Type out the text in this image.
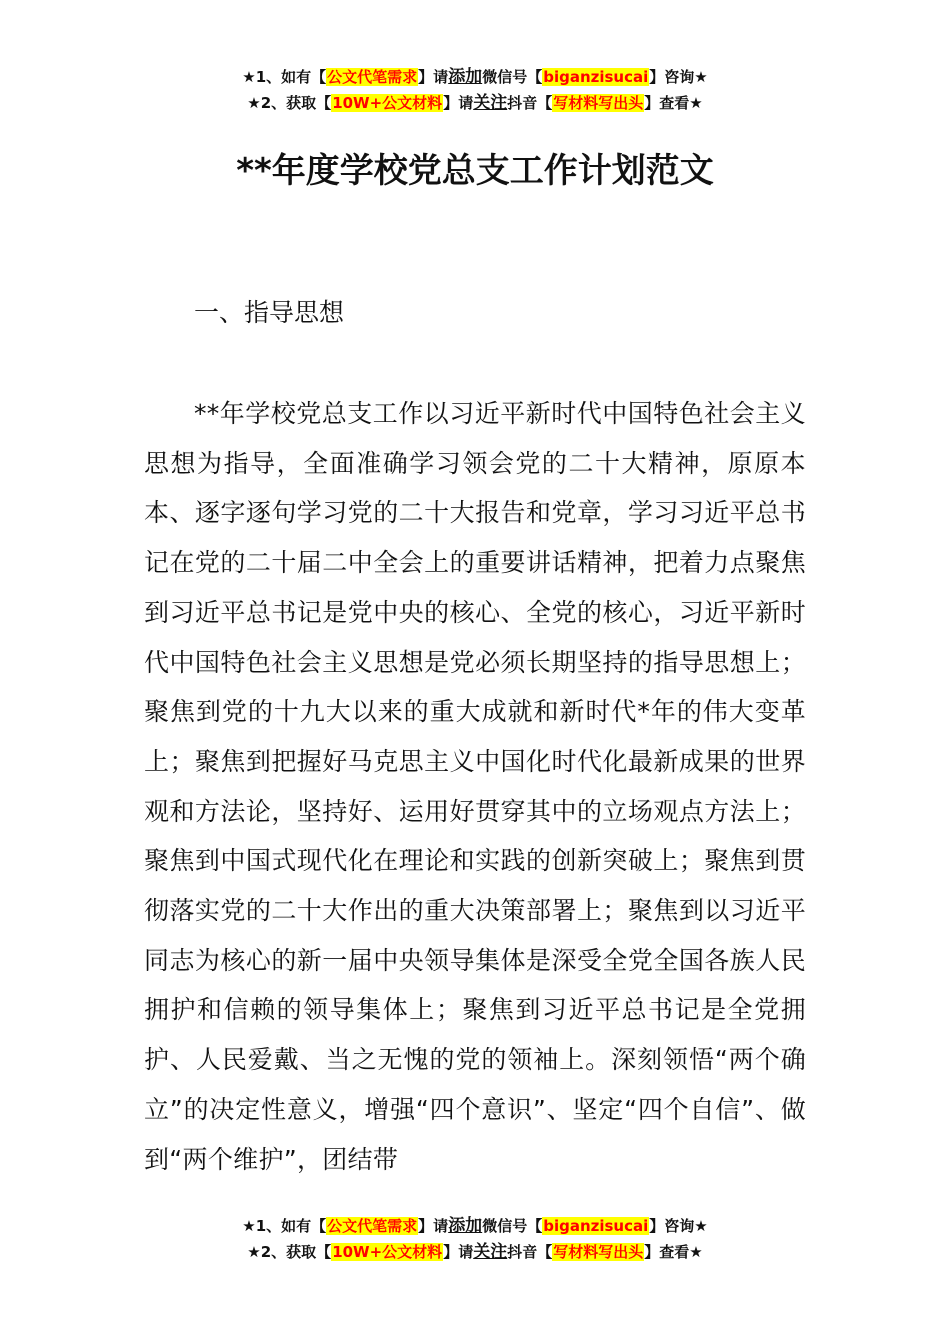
★1、如有【公文代笔需求】请添加微信号【biganzisucai】咨询★
★2、获取【10W+公文材料】请关注抖音【写材料写出头】查看★
**年度学校党总支工作计划范文
一、指导思想

**年学校党总支工作以习近平新时代中国特色社会主义思想为指导，全面准确学习领会党的二十大精神，原原本本、逐字逐句学习党的二十大报告和党章，学习习近平总书记在党的二十届二中全会上的重要讲话精神，把着力点聚焦到习近平总书记是党中央的核心、全党的核心，习近平新时代中国特色社会主义思想是党必须长期坚持的指导思想上；聚焦到党的十九大以来的重大成就和新时代*年的伟大变革上；聚焦到把握好马克思主义中国化时代化最新成果的世界观和方法论，坚持好、运用好贯穿其中的立场观点方法上；聚焦到中国式现代化在理论和实践的创新突破上；聚焦到贯彻落实党的二十大作出的重大决策部署上；聚焦到以习近平同志为核心的新一届中央领导集体是深受全党全国各族人民拥护和信赖的领导集体上；聚焦到习近平总书记是全党拥护、人民爱戴、当之无愧的党的领袖上。深刻领悟“两个确立”的决定性意义，增强“四个意识”、坚定“四个自信”、做到“两个维护”，团结带

★1、如有【公文代笔需求】请添加微信号【biganzisucai】咨询★
★2、获取【10W+公文材料】请关注抖音【写材料写出头】查看★
